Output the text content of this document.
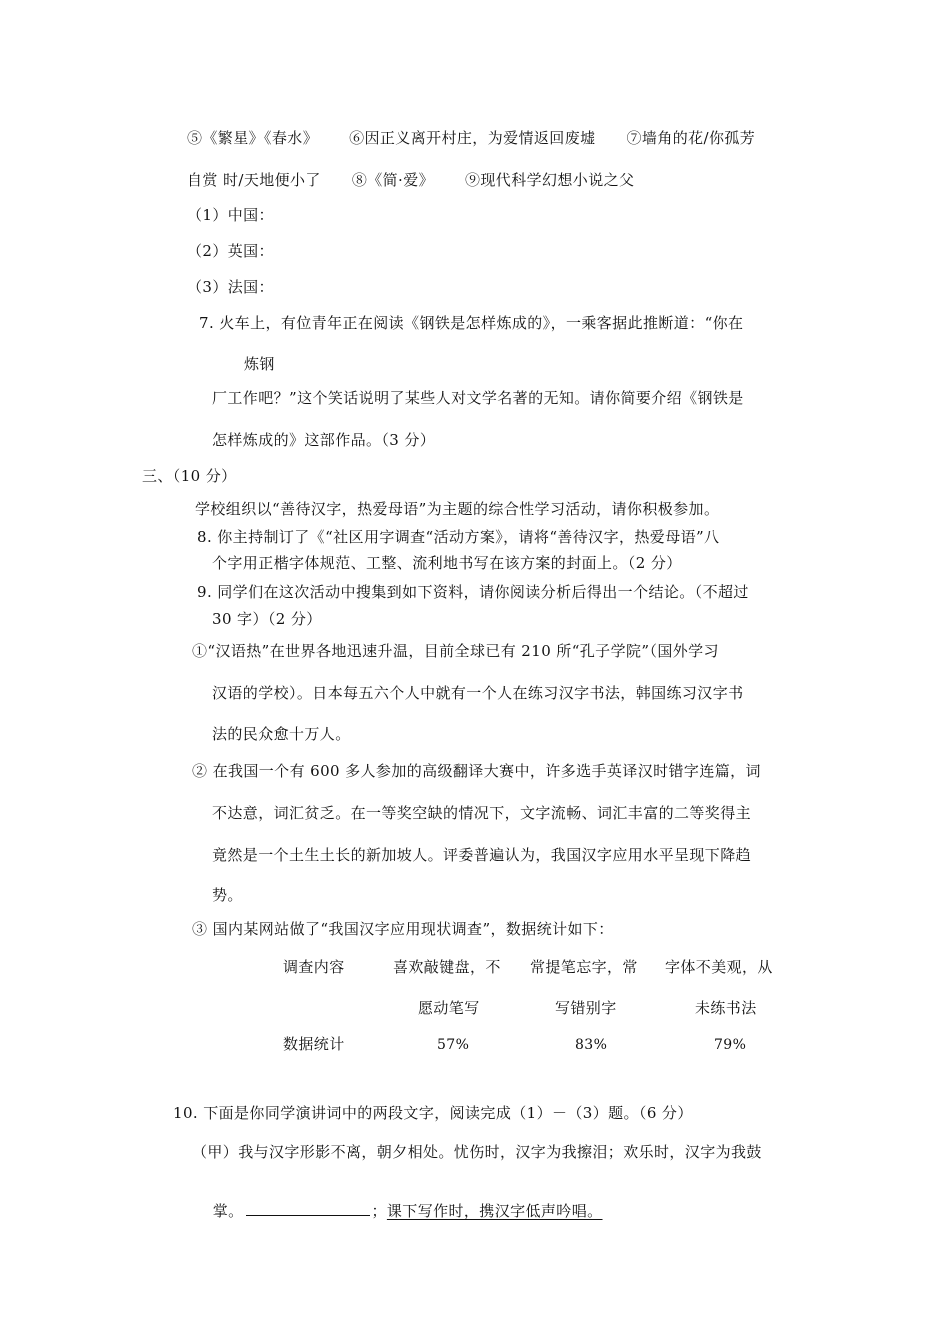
⑤《繁星》《春水》      ⑥因正义离开村庄，为爱情返回废墟      ⑦墙角的花/你孤芳
自赏 时/天地便小了      ⑧《简·爱》      ⑨现代科学幻想小说之父
（1）中国：
（2）英国：
（3）法国：
7. 火车上，有位青年正在阅读《钢铁是怎样炼成的》，一乘客据此推断道：“你在
炼钢
厂工作吧？”这个笑话说明了某些人对文学名著的无知。请你简要介绍《钢铁是
怎样炼成的》这部作品。（3 分）
三、（10 分）
学校组织以“善待汉字，热爱母语”为主题的综合性学习活动，请你积极参加。
8. 你主持制订了《“社区用字调查“活动方案》，请将“善待汉字，热爱母语”八
个字用正楷字体规范、工整、流利地书写在该方案的封面上。（2 分）
9. 同学们在这次活动中搜集到如下资料，请你阅读分析后得出一个结论。（不超过
30 字）（2 分）
①“汉语热”在世界各地迅速升温，目前全球已有 210 所“孔子学院”（国外学习
汉语的学校）。日本每五六个人中就有一个人在练习汉字书法，韩国练习汉字书
法的民众愈十万人。
② 在我国一个有 600 多人参加的高级翻译大赛中，许多选手英译汉时错字连篇，词
不达意，词汇贫乏。在一等奖空缺的情况下，文字流畅、词汇丰富的二等奖得主
竟然是一个土生土长的新加坡人。评委普遍认为，我国汉字应用水平呈现下降趋
势。
③ 国内某网站做了“我国汉字应用现状调查”，数据统计如下：
调查内容	喜欢敲键盘，不 常提笔忘字，常 字体不美观，从
愿动笔写	写错别字	未练书法
数据统计	57%	83%	79%
10. 下面是你同学演讲词中的两段文字，阅读完成（1）－（3）题。（6 分）
（甲）我与汉字形影不离，朝夕相处。忧伤时，汉字为我擦泪；欢乐时，汉字为我鼓

掌。	；课下写作时，携汉字低声吟唱。
